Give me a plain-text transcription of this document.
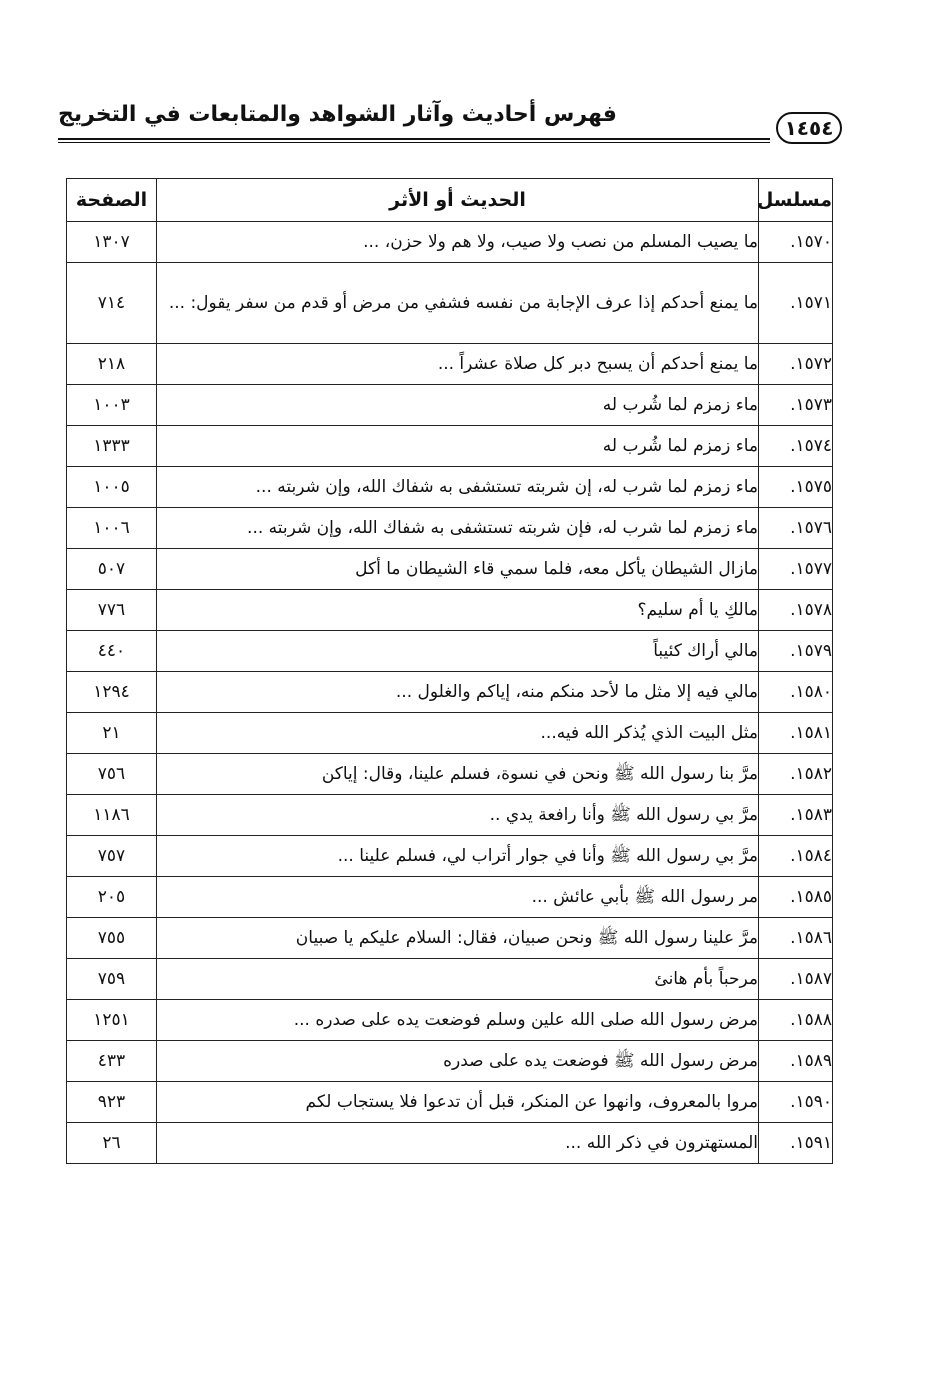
١٤٥٤
فهرس أحاديث وآثار الشواهد والمتابعات في التخريج
مسلسل	الحديث أو الأثر	الصفحة
١٥٧٠.	ما يصيب المسلم من نصب ولا صيب، ولا هم ولا حزن، ...	١٣٠٧
١٥٧١.	ما يمنع أحدكم إذا عرف الإجابة من نفسه فشفي من مرض أو قدم من سفر يقول: ...	٧١٤
١٥٧٢.	ما يمنع أحدكم أن يسبح دبر كل صلاة عشراً ...	٢١٨
١٥٧٣.	ماء زمزم لما شُرب له	١٠٠٣
١٥٧٤.	ماء زمزم لما شُرب له	١٣٣٣
١٥٧٥.	ماء زمزم لما شرب له، إن شربته تستشفى به شفاك الله، وإن شربته ...	١٠٠٥
١٥٧٦.	ماء زمزم لما شرب له، فإن شربته تستشفى به شفاك الله، وإن شربته ...	١٠٠٦
١٥٧٧.	مازال الشيطان يأكل معه، فلما سمي قاء الشيطان ما أكل	٥٠٧
١٥٧٨.	مالكِ يا أم سليم؟	٧٧٦
١٥٧٩.	مالي أراك كئيباً	٤٤٠
١٥٨٠.	مالي فيه إلا مثل ما لأحد منكم منه، إياكم والغلول ...	١٢٩٤
١٥٨١.	مثل البيت الذي يُذكر الله فيه...	٢١
١٥٨٢.	مرَّ بنا رسول الله ﷺ ونحن في نسوة، فسلم علينا، وقال: إياكن	٧٥٦
١٥٨٣.	مرَّ بي رسول الله ﷺ وأنا رافعة يدي ..	١١٨٦
١٥٨٤.	مرَّ بي رسول الله ﷺ وأنا في جوار أتراب لي، فسلم علينا ...	٧٥٧
١٥٨٥.	مر رسول الله ﷺ بأبي عائش ...	٢٠٥
١٥٨٦.	مرَّ علينا رسول الله ﷺ ونحن صبيان، فقال: السلام عليكم يا صبيان	٧٥٥
١٥٨٧.	مرحباً بأم هانئ	٧٥٩
١٥٨٨.	مرض رسول الله صلى الله علين وسلم فوضعت يده على صدره ...	١٢٥١
١٥٨٩.	مرض رسول الله ﷺ فوضعت يده على صدره	٤٣٣
١٥٩٠.	مروا بالمعروف، وانهوا عن المنكر، قبل أن تدعوا فلا يستجاب لكم	٩٢٣
١٥٩١.	المستهترون في ذكر الله ...	٢٦
